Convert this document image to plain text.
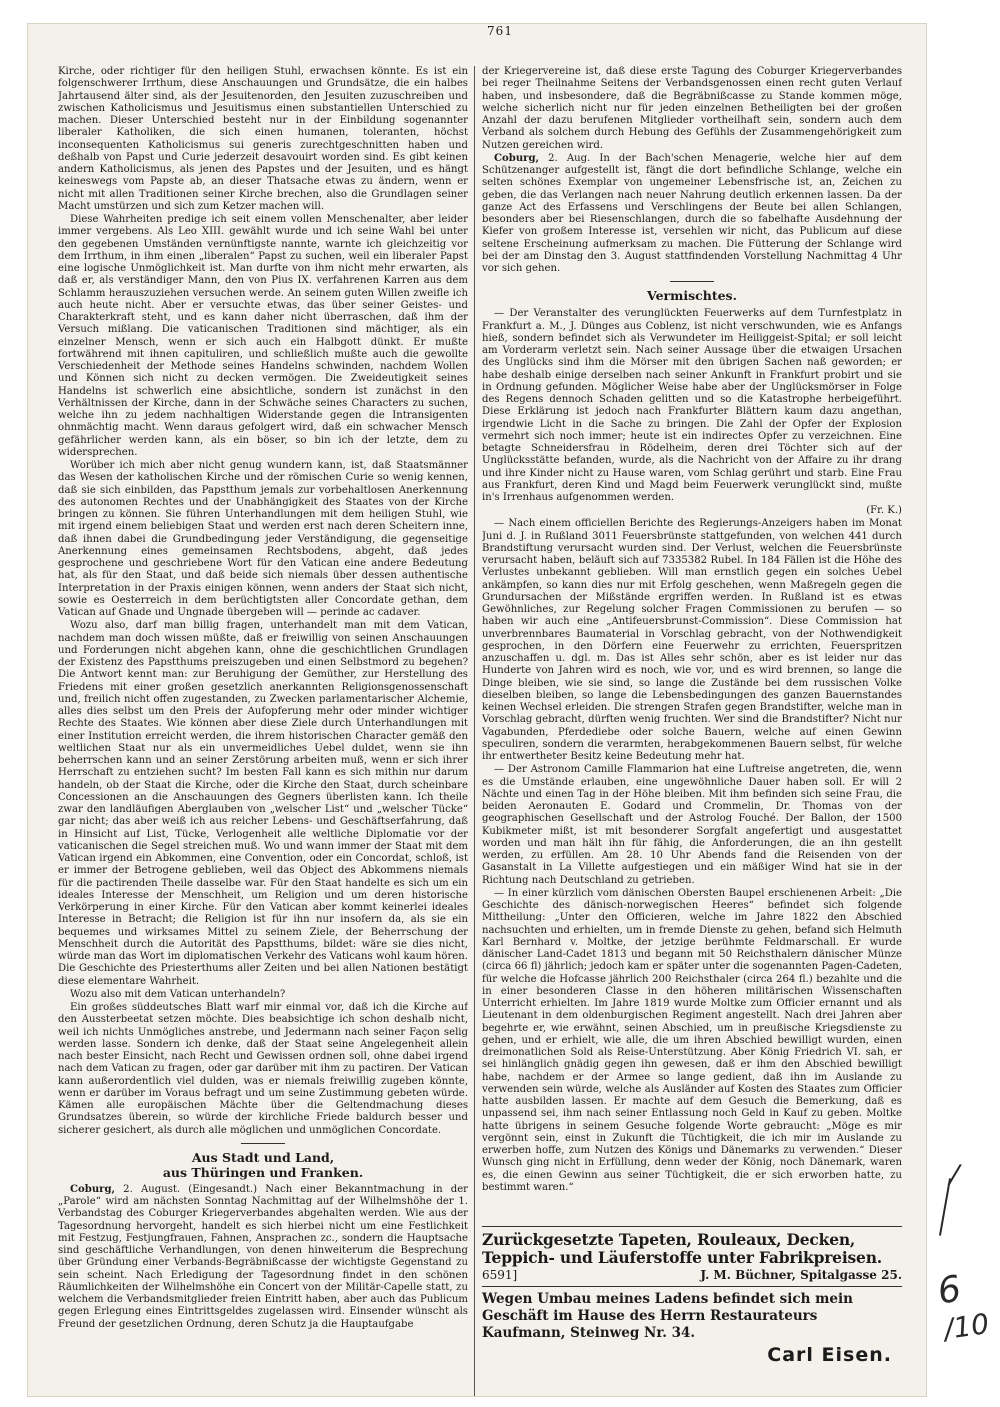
761

Kirche, oder richtiger für den heiligen Stuhl, erwachsen könnte. Es ist ein folgenschwerer Irrthum, diese Anschauungen und Grundsätze, die ein halbes Jahrtausend älter sind, als der Jesuitenorden, den Jesuiten zuzuschreiben und zwischen Katholicismus und Jesuitismus einen substantiellen Unterschied zu machen. Dieser Unterschied besteht nur in der Einbildung sogenannter liberaler Katholiken, die sich einen humanen, toleranten, höchst inconsequenten Katholicismus sui generis zurechtgeschnitten haben und deßhalb von Papst und Curie jederzeit desavouirt worden sind. Es gibt keinen andern Katholicismus, als jenen des Papstes und der Jesuiten, und es hängt keineswegs vom Papste ab, an dieser Thatsache etwas zu ändern, wenn er nicht mit allen Traditionen seiner Kirche brechen, also die Grundlagen seiner Macht umstürzen und sich zum Ketzer machen will.

Diese Wahrheiten predige ich seit einem vollen Menschenalter, aber leider immer vergebens. Als Leo XIII. gewählt wurde und ich seine Wahl bei unter den gegebenen Umständen vernünftigste nannte, warnte ich gleichzeitig vor dem Irrthum, in ihm einen „liberalen“ Papst zu suchen, weil ein liberaler Papst eine logische Unmöglichkeit ist. Man durfte von ihm nicht mehr erwarten, als daß er, als verständiger Mann, den von Pius IX. verfahrenen Karren aus dem Schlamm herauszuziehen versuchen werde. An seinem guten Willen zweifle ich auch heute nicht. Aber er versuchte etwas, das über seiner Geistes- und Charakterkraft steht, und es kann daher nicht überraschen, daß ihm der Versuch mißlang. Die vaticanischen Traditionen sind mächtiger, als ein einzelner Mensch, wenn er sich auch ein Halbgott dünkt. Er mußte fortwährend mit ihnen capituliren, und schließlich mußte auch die gewollte Verschiedenheit der Methode seines Handelns schwinden, nachdem Wollen und Können sich nicht zu decken vermögen. Die Zweideutigkeit seines Handelns ist schwerlich eine absichtliche, sondern ist zunächst in den Verhältnissen der Kirche, dann in der Schwäche seines Characters zu suchen, welche ihn zu jedem nachhaltigen Widerstande gegen die Intransigenten ohnmächtig macht. Wenn daraus gefolgert wird, daß ein schwacher Mensch gefährlicher werden kann, als ein böser, so bin ich der letzte, dem zu widersprechen.

Worüber ich mich aber nicht genug wundern kann, ist, daß Staatsmänner das Wesen der katholischen Kirche und der römischen Curie so wenig kennen, daß sie sich einbilden, das Papstthum jemals zur vorbehaltlosen Anerkennung des autonomen Rechtes und der Unabhängigkeit des Staates von der Kirche bringen zu können. Sie führen Unterhandlungen mit dem heiligen Stuhl, wie mit irgend einem beliebigen Staat und werden erst nach deren Scheitern inne, daß ihnen dabei die Grundbedingung jeder Verständigung, die gegenseitige Anerkennung eines gemeinsamen Rechtsbodens, abgeht, daß jedes gesprochene und geschriebene Wort für den Vatican eine andere Bedeutung hat, als für den Staat, und daß beide sich niemals über dessen authentische Interpretation in der Praxis einigen können, wenn anders der Staat sich nicht, sowie es Oesterreich in dem berüchtigtsten aller Concordate gethan, dem Vatican auf Gnade und Ungnade übergeben will — perinde ac cadaver.

Wozu also, darf man billig fragen, unterhandelt man mit dem Vatican, nachdem man doch wissen müßte, daß er freiwillig von seinen Anschauungen und Forderungen nicht abgehen kann, ohne die geschichtlichen Grundlagen der Existenz des Papstthums preiszugeben und einen Selbstmord zu begehen? Die Antwort kennt man: zur Beruhigung der Gemüther, zur Herstellung des Friedens mit einer großen gesetzlich anerkannten Religionsgenossenschaft und, freilich nicht offen zugestanden, zu Zwecken parlamentarischer Alchemie, alles dies selbst um den Preis der Aufopferung mehr oder minder wichtiger Rechte des Staates. Wie können aber diese Ziele durch Unterhandlungen mit einer Institution erreicht werden, die ihrem historischen Character gemäß den weltlichen Staat nur als ein unvermeidliches Uebel duldet, wenn sie ihn beherrschen kann und an seiner Zerstörung arbeiten muß, wenn er sich ihrer Herrschaft zu entziehen sucht? Im besten Fall kann es sich mithin nur darum handeln, ob der Staat die Kirche, oder die Kirche den Staat, durch scheinbare Concessionen an die Anschauungen des Gegners überlisten kann. Ich theile zwar den landläufigen Aberglauben von „welscher List“ und „welscher Tücke“ gar nicht; das aber weiß ich aus reicher Lebens- und Geschäftserfahrung, daß in Hinsicht auf List, Tücke, Verlogenheit alle weltliche Diplomatie vor der vaticanischen die Segel streichen muß. Wo und wann immer der Staat mit dem Vatican irgend ein Abkommen, eine Convention, oder ein Concordat, schloß, ist er immer der Betrogene geblieben, weil das Object des Abkommens niemals für die pactirenden Theile dasselbe war. Für den Staat handelte es sich um ein ideales Interesse der Menschheit, um Religion und um deren historische Verkörperung in einer Kirche. Für den Vatican aber kommt keinerlei ideales Interesse in Betracht; die Religion ist für ihn nur insofern da, als sie ein bequemes und wirksames Mittel zu seinem Ziele, der Beherrschung der Menschheit durch die Autorität des Papstthums, bildet: wäre sie dies nicht, würde man das Wort im diplomatischen Verkehr des Vaticans wohl kaum hören. Die Geschichte des Priesterthums aller Zeiten und bei allen Nationen bestätigt diese elementare Wahrheit.

Wozu also mit dem Vatican unterhandeln?

Ein großes süddeutsches Blatt warf mir einmal vor, daß ich die Kirche auf den Aussterbeetat setzen möchte. Dies beabsichtige ich schon deshalb nicht, weil ich nichts Unmögliches anstrebe, und Jedermann nach seiner Façon selig werden lasse. Sondern ich denke, daß der Staat seine Angelegenheit allein nach bester Einsicht, nach Recht und Gewissen ordnen soll, ohne dabei irgend nach dem Vatican zu fragen, oder gar darüber mit ihm zu pactiren. Der Vatican kann außerordentlich viel dulden, was er niemals freiwillig zugeben könnte, wenn er darüber im Voraus befragt und um seine Zustimmung gebeten würde. Kämen alle europäischen Mächte über die Geltendmachung dieses Grundsatzes überein, so würde der kirchliche Friede baldurch besser und sicherer gesichert, als durch alle möglichen und unmöglichen Concordate.

Aus Stadt und Land,
aus Thüringen und Franken.

Coburg, 2. August. (Eingesandt.) Nach einer Bekanntmachung in der „Parole“ wird am nächsten Sonntag Nachmittag auf der Wilhelmshöhe der 1. Verbandstag des Coburger Kriegerverbandes abgehalten werden. Wie aus der Tagesordnung hervorgeht, handelt es sich hierbei nicht um eine Festlichkeit mit Festzug, Festjungfrauen, Fahnen, Ansprachen zc., sondern die Hauptsache sind geschäftliche Verhandlungen, von denen hinweiterum die Besprechung über Gründung einer Verbands-Begräbnißcasse der wichtigste Gegenstand zu sein scheint. Nach Erledigung der Tagesordnung findet in den schönen Räumlichkeiten der Wilhelmshöhe ein Concert von der Militär-Capelle statt, zu welchem die Verbandsmitglieder freien Eintritt haben, aber auch das Publicum gegen Erlegung eines Eintrittsgeldes zugelassen wird. Einsender wünscht als Freund der gesetzlichen Ordnung, deren Schutz ja die Hauptaufgabe

der Kriegervereine ist, daß diese erste Tagung des Coburger Kriegerverbandes bei reger Theilnahme Seitens der Verbandsgenossen einen recht guten Verlauf haben, und insbesondere, daß die Begräbnißcasse zu Stande kommen möge, welche sicherlich nicht nur für jeden einzelnen Betheiligten bei der großen Anzahl der dazu berufenen Mitglieder vortheilhaft sein, sondern auch dem Verband als solchem durch Hebung des Gefühls der Zusammengehörigkeit zum Nutzen gereichen wird.

Coburg, 2. Aug. In der Bach'schen Menagerie, welche hier auf dem Schützenanger aufgestellt ist, fängt die dort befindliche Schlange, welche ein selten schönes Exemplar von ungemeiner Lebensfrische ist, an, Zeichen zu geben, die das Verlangen nach neuer Nahrung deutlich erkennen lassen. Da der ganze Act des Erfassens und Verschlingens der Beute bei allen Schlangen, besonders aber bei Riesenschlangen, durch die so fabelhafte Ausdehnung der Kiefer von großem Interesse ist, versehlen wir nicht, das Publicum auf diese seltene Erscheinung aufmerksam zu machen. Die Fütterung der Schlange wird bei der am Dinstag den 3. August stattfindenden Vorstellung Nachmittag 4 Uhr vor sich gehen.

Vermischtes.

— Der Veranstalter des verunglückten Feuerwerks auf dem Turnfestplatz in Frankfurt a. M., J. Dünges aus Coblenz, ist nicht verschwunden, wie es Anfangs hieß, sondern befindet sich als Verwundeter im Heiliggeist-Spital; er soll leicht am Vorderarm verletzt sein. Nach seiner Aussage über die etwaigen Ursachen des Unglücks sind ihm die Mörser mit den übrigen Sachen naß geworden; er habe deshalb einige derselben nach seiner Ankunft in Frankfurt probirt und sie in Ordnung gefunden. Möglicher Weise habe aber der Unglücksmörser in Folge des Regens dennoch Schaden gelitten und so die Katastrophe herbeigeführt. Diese Erklärung ist jedoch nach Frankfurter Blättern kaum dazu angethan, irgendwie Licht in die Sache zu bringen. Die Zahl der Opfer der Explosion vermehrt sich noch immer; heute ist ein indirectes Opfer zu verzeichnen. Eine betagte Schneidersfrau in Rödelheim, deren drei Töchter sich auf der Unglücksstätte befanden, wurde, als die Nachricht von der Affaire zu ihr drang und ihre Kinder nicht zu Hause waren, vom Schlag gerührt und starb. Eine Frau aus Frankfurt, deren Kind und Magd beim Feuerwerk verunglückt sind, mußte in's Irrenhaus aufgenommen werden.

(Fr. K.)

— Nach einem officiellen Berichte des Regierungs-Anzeigers haben im Monat Juni d. J. in Rußland 3011 Feuersbrünste stattgefunden, von welchen 441 durch Brandstiftung verursacht wurden sind. Der Verlust, welchen die Feuersbrünste verursacht haben, beläuft sich auf 7335382 Rubel. In 184 Fällen ist die Höhe des Verlustes unbekannt geblieben. Will man ernstlich gegen ein solches Uebel ankämpfen, so kann dies nur mit Erfolg geschehen, wenn Maßregeln gegen die Grundursachen der Mißstände ergriffen werden. In Rußland ist es etwas Gewöhnliches, zur Regelung solcher Fragen Commissionen zu berufen — so haben wir auch eine „Antifeuersbrunst-Commission“. Diese Commission hat unverbrennbares Baumaterial in Vorschlag gebracht, von der Nothwendigkeit gesprochen, in den Dörfern eine Feuerwehr zu errichten, Feuerspritzen anzuschaffen u. dgl. m. Das ist Alles sehr schön, aber es ist leider nur das Hunderte von Jahren wird es noch, wie vor, und es wird brennen, so lange die Dinge bleiben, wie sie sind, so lange die Zustände bei dem russischen Volke dieselben bleiben, so lange die Lebensbedingungen des ganzen Bauernstandes keinen Wechsel erleiden. Die strengen Strafen gegen Brandstifter, welche man in Vorschlag gebracht, dürften wenig fruchten. Wer sind die Brandstifter? Nicht nur Vagabunden, Pferdediebe oder solche Bauern, welche auf einen Gewinn speculiren, sondern die verarmten, herabgekommenen Bauern selbst, für welche ihr entwertheter Besitz keine Bedeutung mehr hat.

— Der Astronom Camille Flammarion hat eine Luftreise angetreten, die, wenn es die Umstände erlauben, eine ungewöhnliche Dauer haben soll. Er will 2 Nächte und einen Tag in der Höhe bleiben. Mit ihm befinden sich seine Frau, die beiden Aeronauten E. Godard und Crommelin, Dr. Thomas von der geographischen Gesellschaft und der Astrolog Fouché. Der Ballon, der 1500 Kubikmeter mißt, ist mit besonderer Sorgfalt angefertigt und ausgestattet worden und man hält ihn für fähig, die Anforderungen, die an ihn gestellt werden, zu erfüllen. Am 28. 10 Uhr Abends fand die Reisenden von der Gasanstalt in La Villette aufgestiegen und ein mäßiger Wind hat sie in der Richtung nach Deutschland zu getrieben.

— In einer kürzlich vom dänischen Obersten Baupel erschienenen Arbeit: „Die Geschichte des dänisch-norwegischen Heeres“ befindet sich folgende Mittheilung: „Unter den Officieren, welche im Jahre 1822 den Abschied nachsuchten und erhielten, um in fremde Dienste zu gehen, befand sich Helmuth Karl Bernhard v. Moltke, der jetzige berühmte Feldmarschall. Er wurde dänischer Land-Cadet 1813 und begann mit 50 Reichsthalern dänischer Münze (circa 66 fl) jährlich; jedoch kam er später unter die sogenannten Pagen-Cadeten, für welche die Hofcasse jährlich 200 Reichsthaler (circa 264 fl.) bezahlte und die in einer besonderen Classe in den höheren militärischen Wissenschaften Unterricht erhielten. Im Jahre 1819 wurde Moltke zum Officier ernannt und als Lieutenant in dem oldenburgischen Regiment angestellt. Nach drei Jahren aber begehrte er, wie erwähnt, seinen Abschied, um in preußische Kriegsdienste zu gehen, und er erhielt, wie alle, die um ihren Abschied bewilligt wurden, einen dreimonatlichen Sold als Reise-Unterstützung. Aber König Friedrich VI. sah, er sei hinlänglich gnädig gegen ihn gewesen, daß er ihm den Abschied bewilligt habe, nachdem er der Armee so lange gedient, daß ihn im Auslande zu verwenden sein würde, welche als Ausländer auf Kosten des Staates zum Officier hatte ausbilden lassen. Er machte auf dem Gesuch die Bemerkung, daß es unpassend sei, ihm nach seiner Entlassung noch Geld in Kauf zu geben. Moltke hatte übrigens in seinem Gesuche folgende Worte gebraucht: „Möge es mir vergönnt sein, einst in Zukunft die Tüchtigkeit, die ich mir im Auslande zu erwerben hoffe, zum Nutzen des Königs und Dänemarks zu verwenden.“ Dieser Wunsch ging nicht in Erfüllung, denn weder der König, noch Dänemark, waren es, die einen Gewinn aus seiner Tüchtigkeit, die er sich erworben hatte, zu bestimmt waren.“

Zurückgesetzte Tapeten, Rouleaux, Decken, Teppich- und Läuferstoffe unter Fabrikpreisen.
6591]	J. M. Büchner, Spitalgasse 25.
Wegen Umbau meines Ladens befindet sich mein Geschäft im Hause des Herrn Restaurateurs Kaufmann, Steinweg Nr. 34.
Carl Eisen.
/
6
/10
